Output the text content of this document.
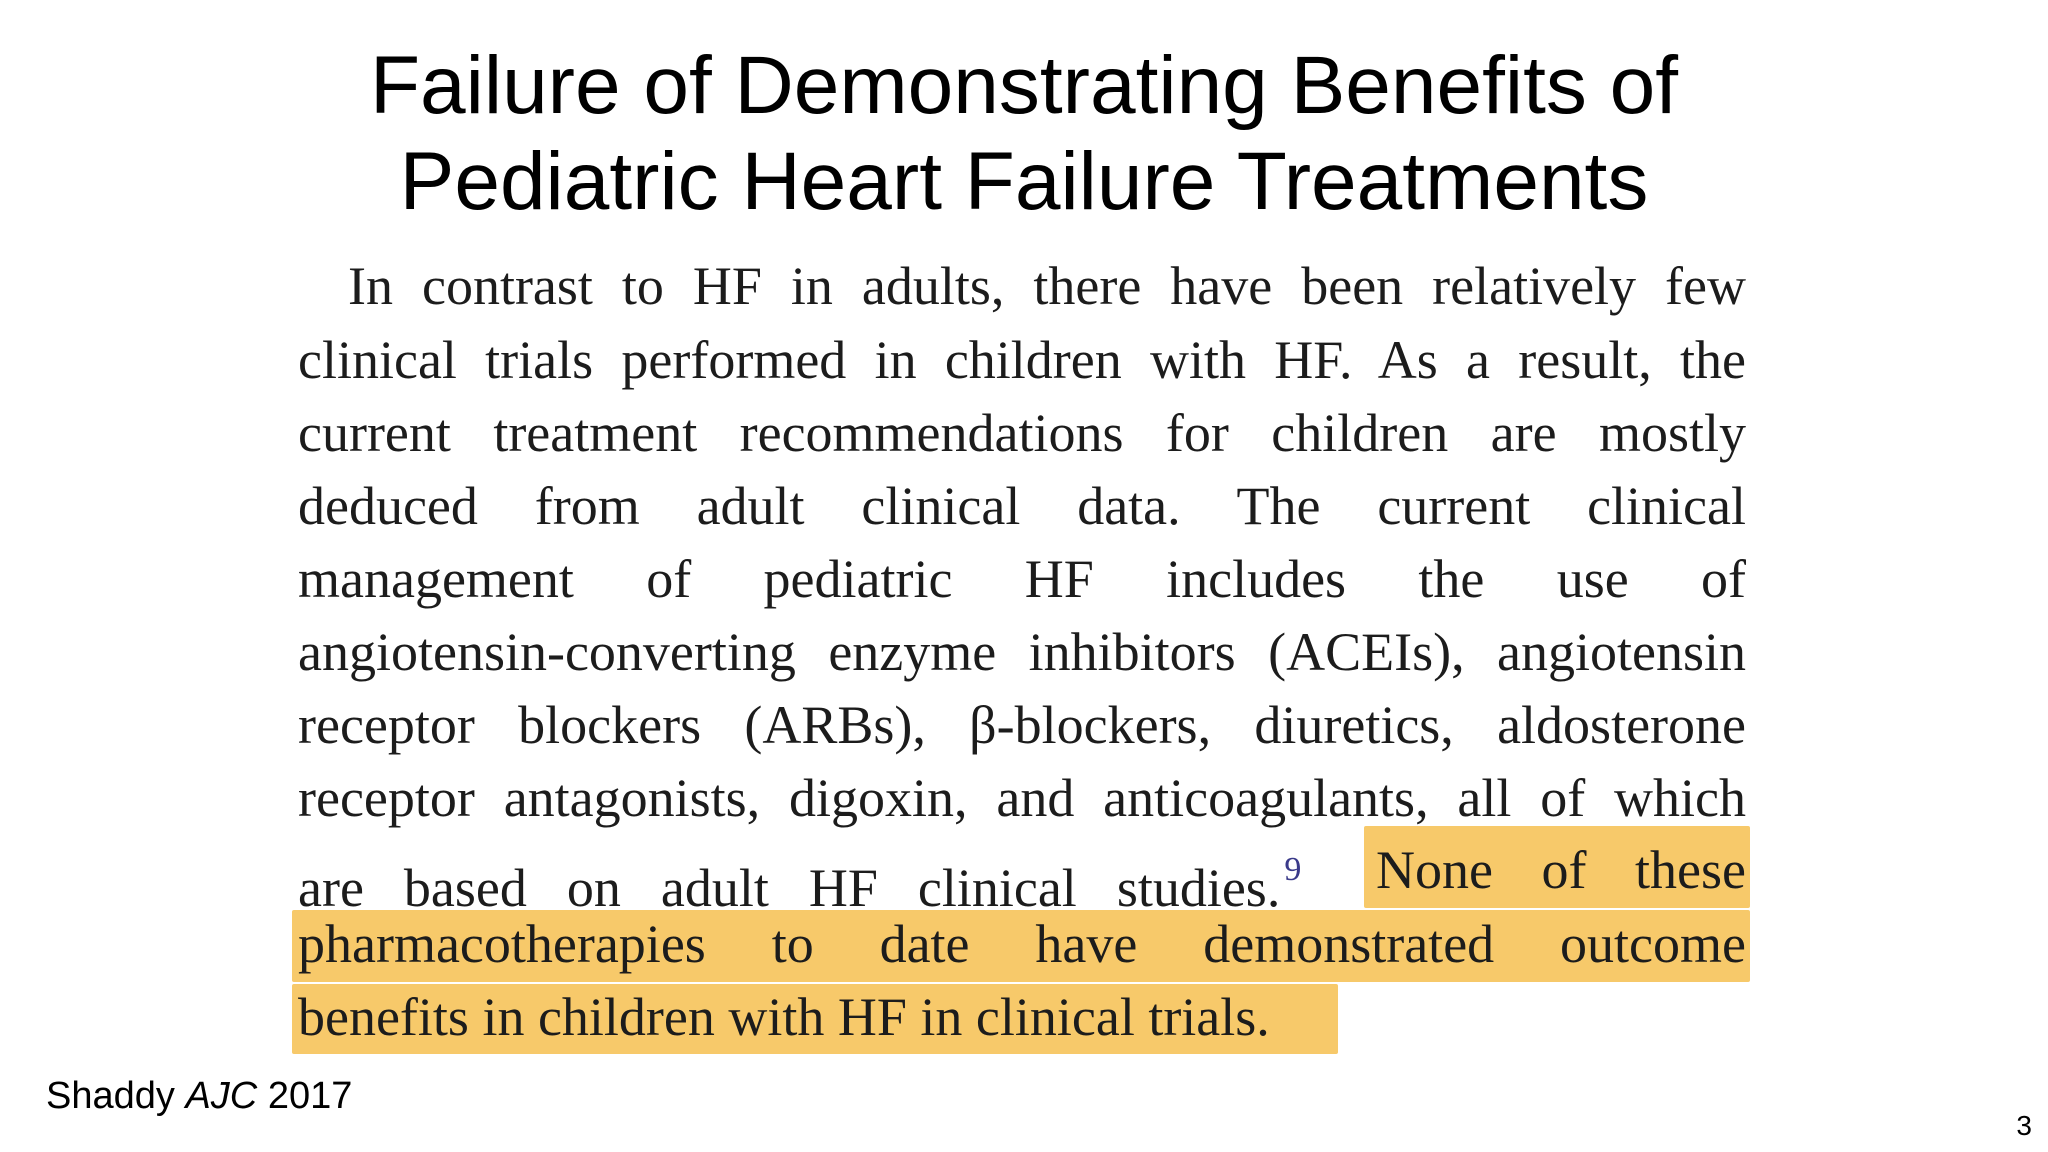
Failure of Demonstrating Benefits of
Pediatric Heart Failure Treatments
In contrast to HF in adults, there have been relatively few
clinical trials performed in children with HF. As a result, the
current treatment recommendations for children are mostly
deduced from adult clinical data. The current clinical
management of pediatric HF includes the use of
angiotensin-converting enzyme inhibitors (ACEIs), angiotensin
receptor blockers (ARBs), β-blockers, diuretics, aldosterone
receptor antagonists, digoxin, and anticoagulants, all of which
are based on adult HF clinical studies. $^9$	None of these
pharmacotherapies to date have demonstrated outcome
benefits in children with HF in clinical trials.
Shaddy AJC 2017
3
